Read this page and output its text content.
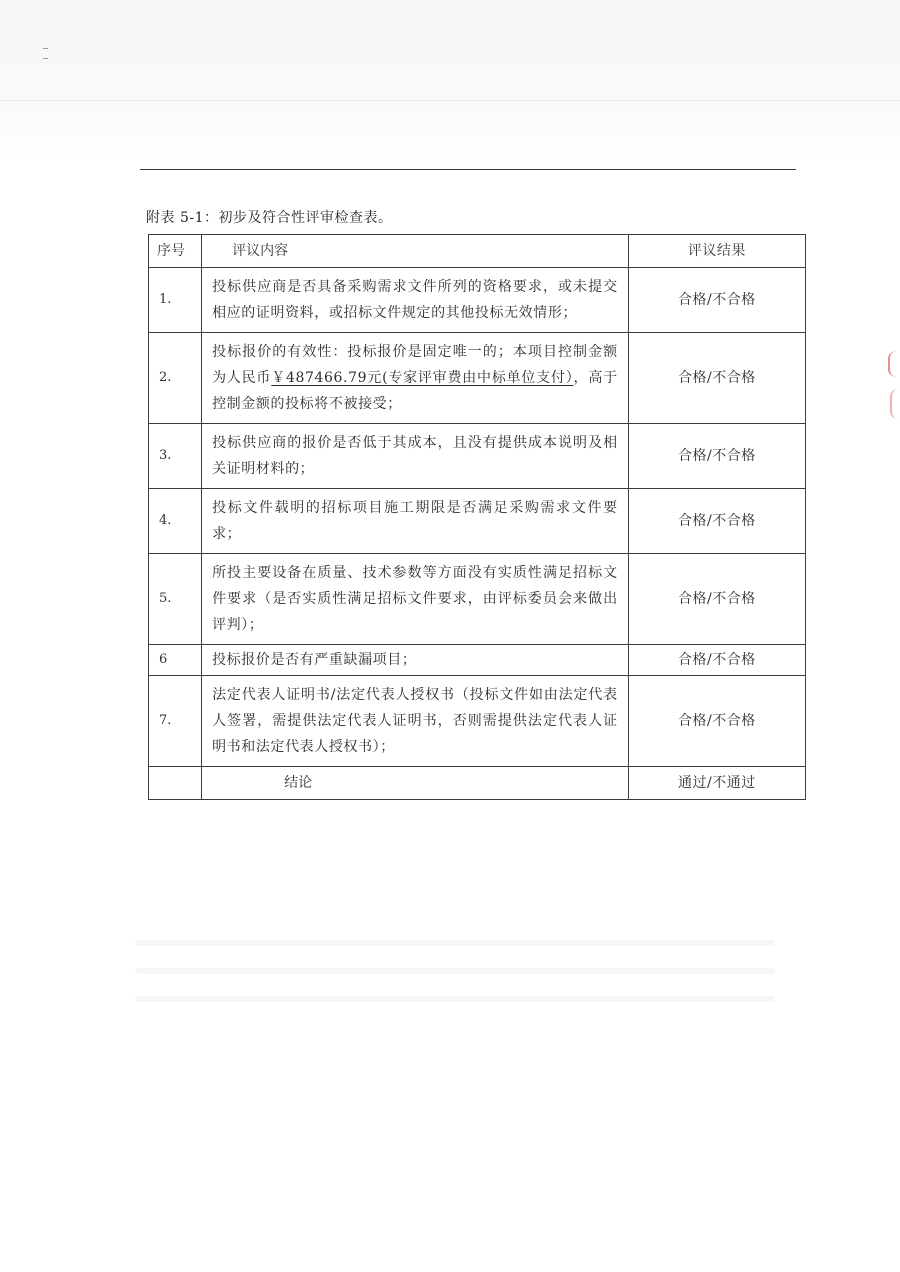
附表 5-1：初步及符合性评审检查表。
序号	评议内容	评议结果
1.	投标供应商是否具备采购需求文件所列的资格要求，或未提交相应的证明资料，或招标文件规定的其他投标无效情形；	合格/不合格
2.	投标报价的有效性：投标报价是固定唯一的；本项目控制金额为人民币￥487466.79元(专家评审费由中标单位支付），高于控制金额的投标将不被接受；	合格/不合格
3.	投标供应商的报价是否低于其成本，且没有提供成本说明及相关证明材料的；	合格/不合格
4.	投标文件载明的招标项目施工期限是否满足采购需求文件要求；	合格/不合格
5.	所投主要设备在质量、技术参数等方面没有实质性满足招标文件要求（是否实质性满足招标文件要求，由评标委员会来做出评判）；	合格/不合格
6	投标报价是否有严重缺漏项目；	合格/不合格
7.	法定代表人证明书/法定代表人授权书（投标文件如由法定代表人签署，需提供法定代表人证明书，否则需提供法定代表人证明书和法定代表人授权书）；	合格/不合格
	结论	通过/不通过
